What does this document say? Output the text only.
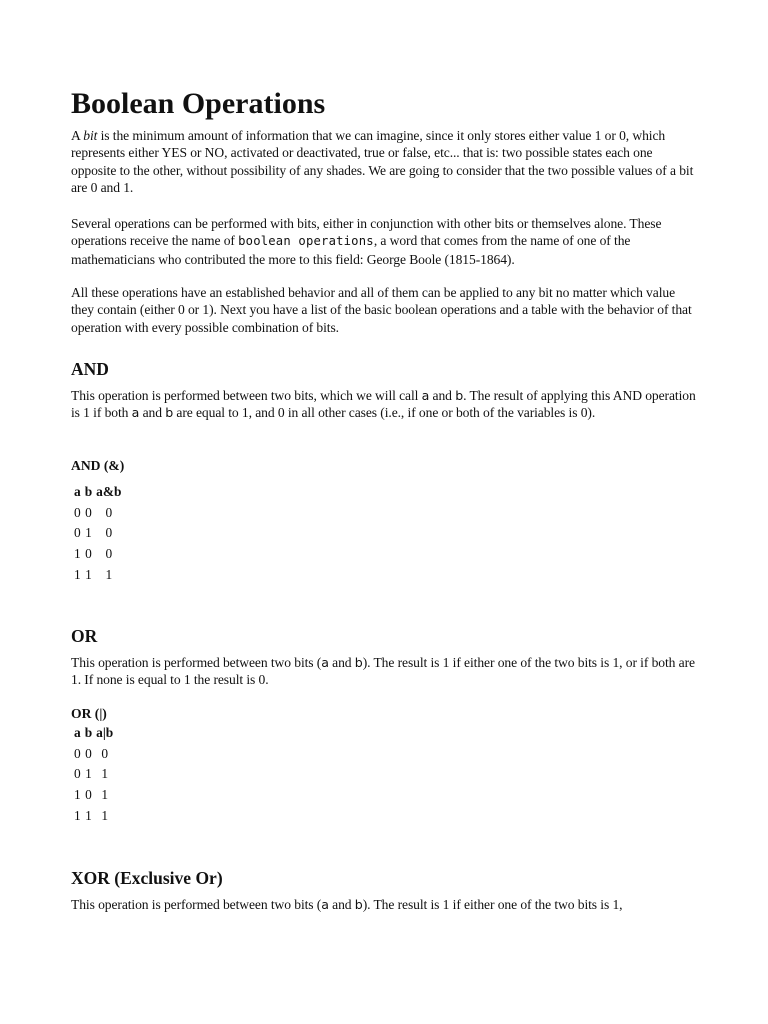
Boolean Operations

A bit is the minimum amount of information that we can imagine, since it only stores either value 1 or 0, which represents either YES or NO, activated or deactivated, true or false, etc... that is: two possible states each one opposite to the other, without possibility of any shades. We are going to consider that the two possible values of a bit are 0 and 1.

Several operations can be performed with bits, either in conjunction with other bits or themselves alone. These operations receive the name of boolean operations, a word that comes from the name of one of the mathematicians who contributed the more to this field: George Boole (1815-1864).

All these operations have an established behavior and all of them can be applied to any bit no matter which value they contain (either 0 or 1). Next you have a list of the basic boolean operations and a table with the behavior of that operation with every possible combination of bits.

AND

This operation is performed between two bits, which we will call a and b. The result of applying this AND operation is 1 if both a and b are equal to 1, and 0 in all other cases (i.e., if one or both of the variables is 0).

AND (&)
a	b	a&b
0	0	0
0	1	0
1	0	0
1	1	1
OR

This operation is performed between two bits (a and b). The result is 1 if either one of the two bits is 1, or if both are 1. If none is equal to 1 the result is 0.

OR (|)
a	b	a|b
0	0	0
0	1	1
1	0	1
1	1	1
XOR (Exclusive Or)

This operation is performed between two bits (a and b). The result is 1 if either one of the two bits is 1,
